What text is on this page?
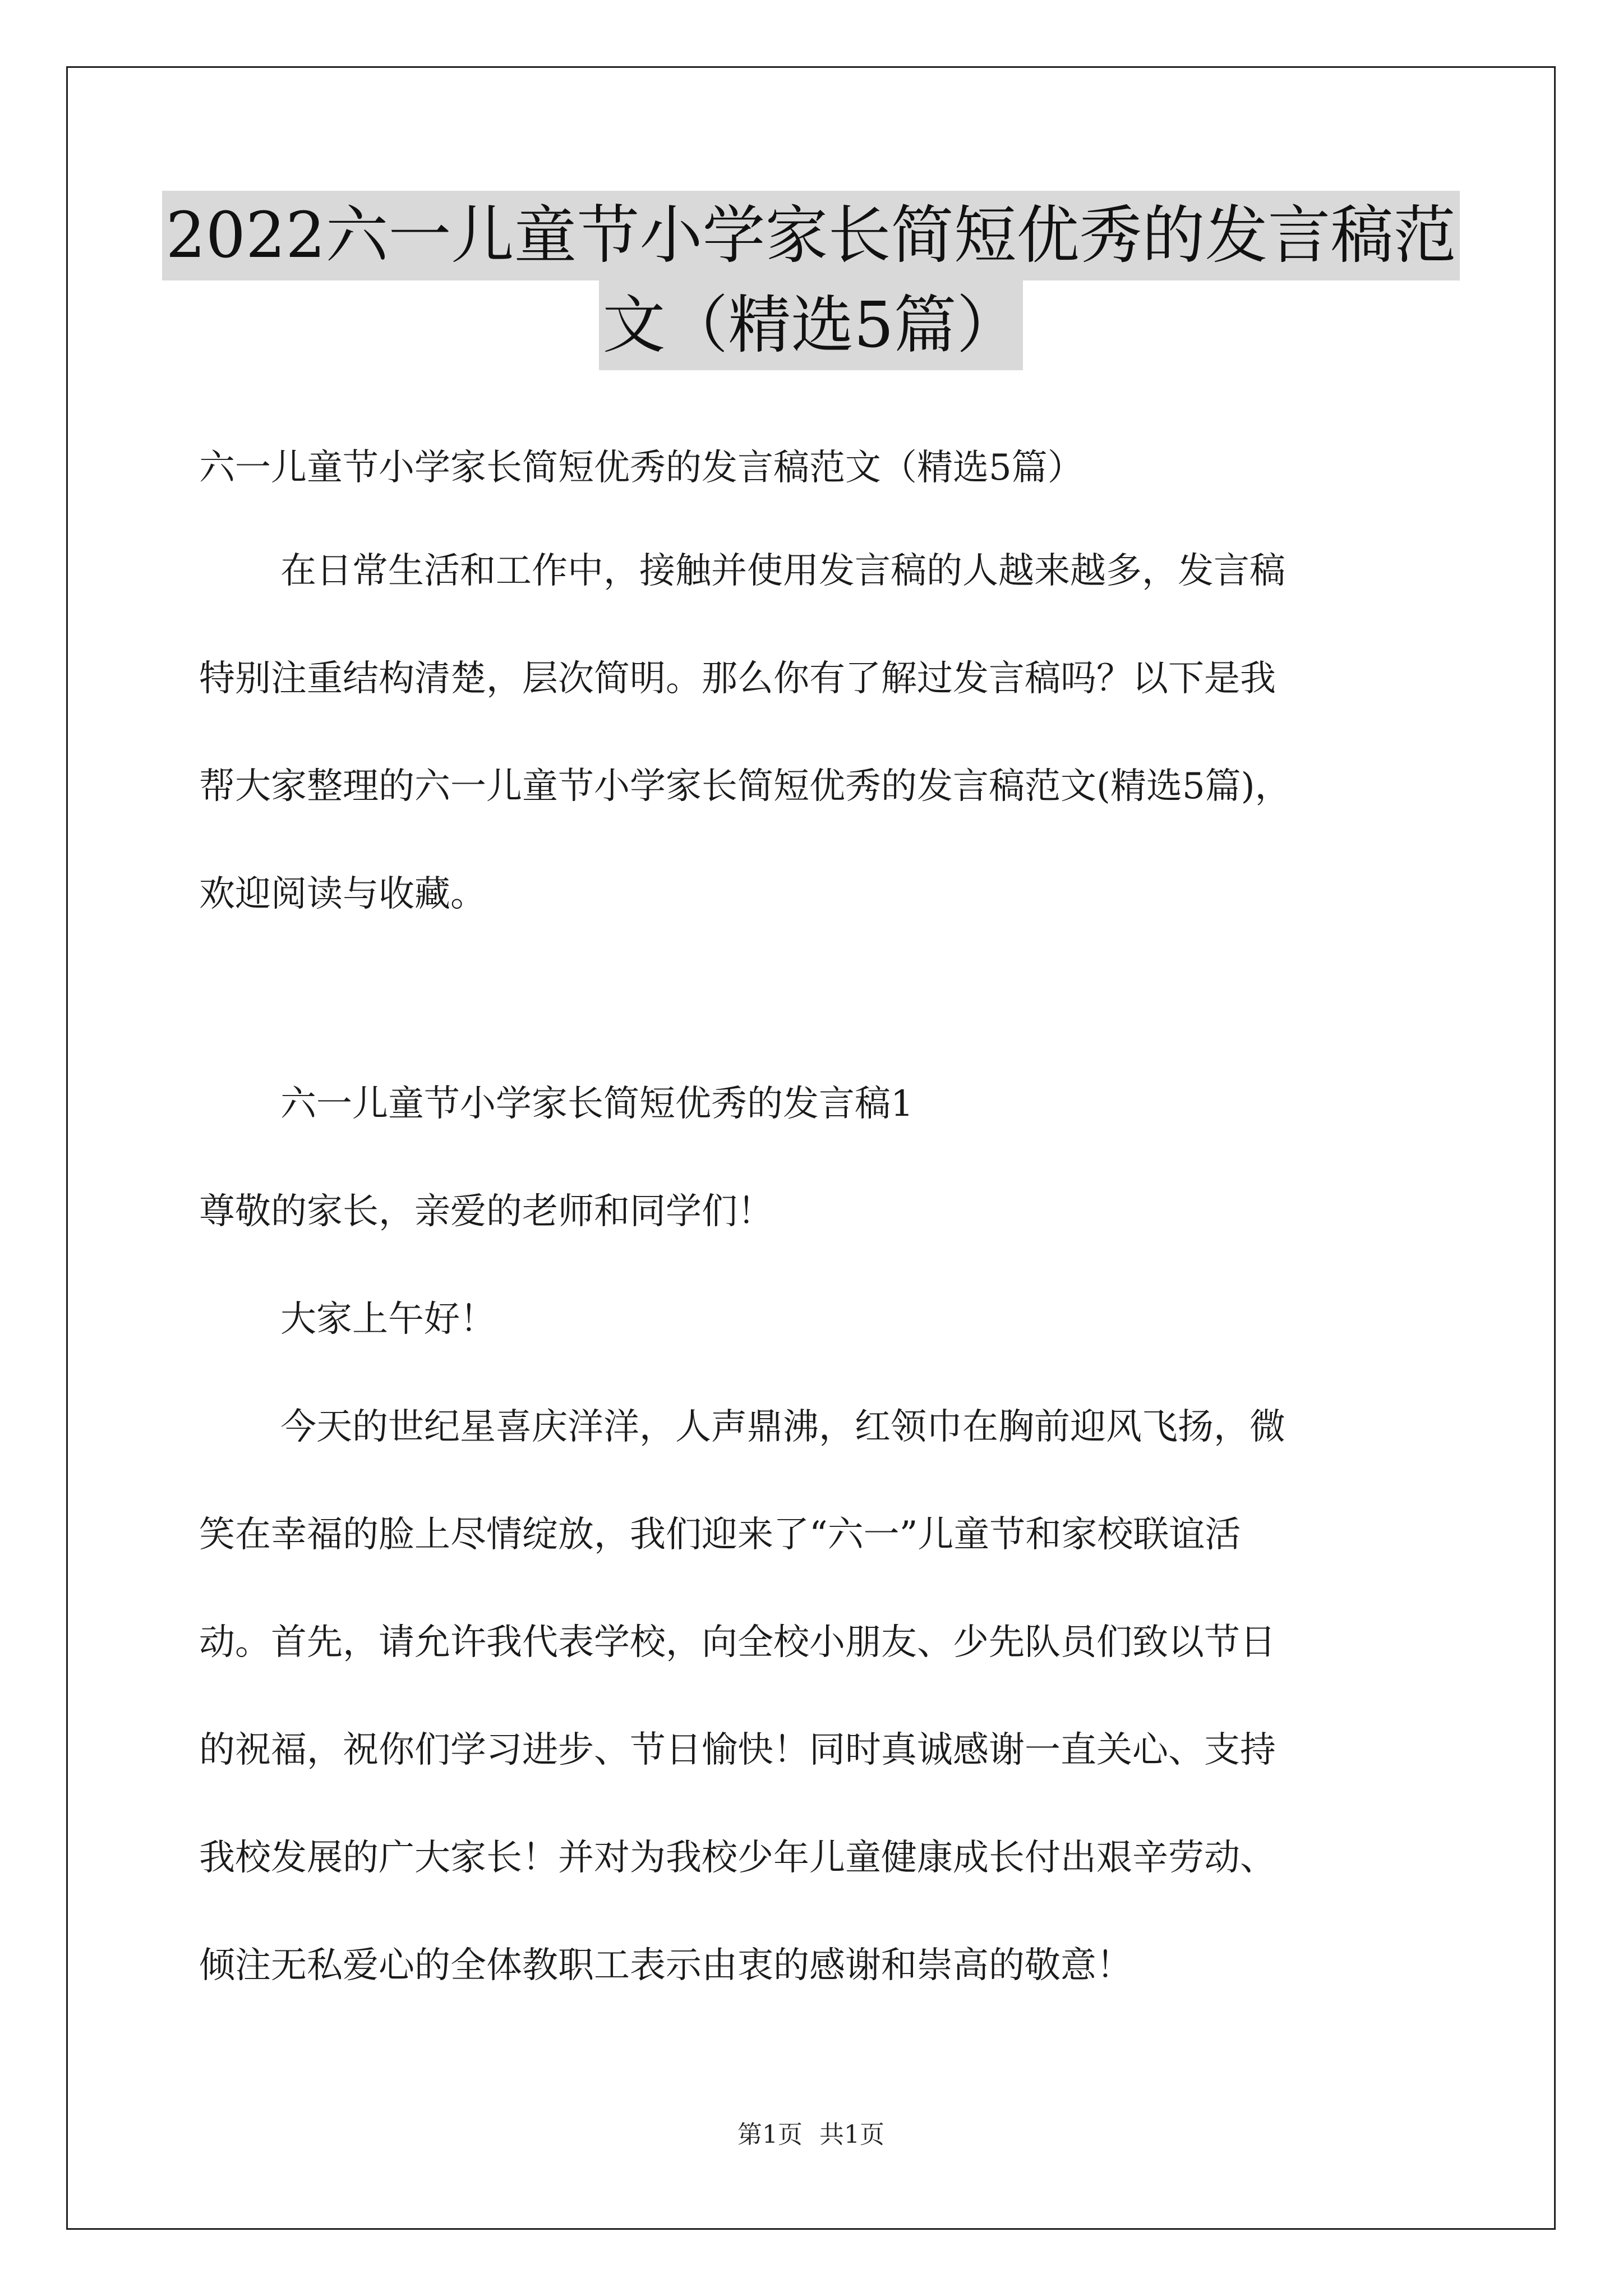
2022六一儿童节小学家长简短优秀的发言稿范
文（精选5篇）
六一儿童节小学家长简短优秀的发言稿范文（精选5篇）
在日常生活和工作中，接触并使用发言稿的人越来越多，发言稿
特别注重结构清楚，层次简明。那么你有了解过发言稿吗？以下是我
帮大家整理的六一儿童节小学家长简短优秀的发言稿范文(精选5篇)，
欢迎阅读与收藏。
六一儿童节小学家长简短优秀的发言稿1
尊敬的家长，亲爱的老师和同学们！
大家上午好！
今天的世纪星喜庆洋洋，人声鼎沸，红领巾在胸前迎风飞扬，微
笑在幸福的脸上尽情绽放，我们迎来了“六一”儿童节和家校联谊活
动。首先，请允许我代表学校，向全校小朋友、少先队员们致以节日
的祝福，祝你们学习进步、节日愉快！同时真诚感谢一直关心、支持
我校发展的广大家长！并对为我校少年儿童健康成长付出艰辛劳动、
倾注无私爱心的全体教职工表示由衷的感谢和崇高的敬意！
第1页 共1页
